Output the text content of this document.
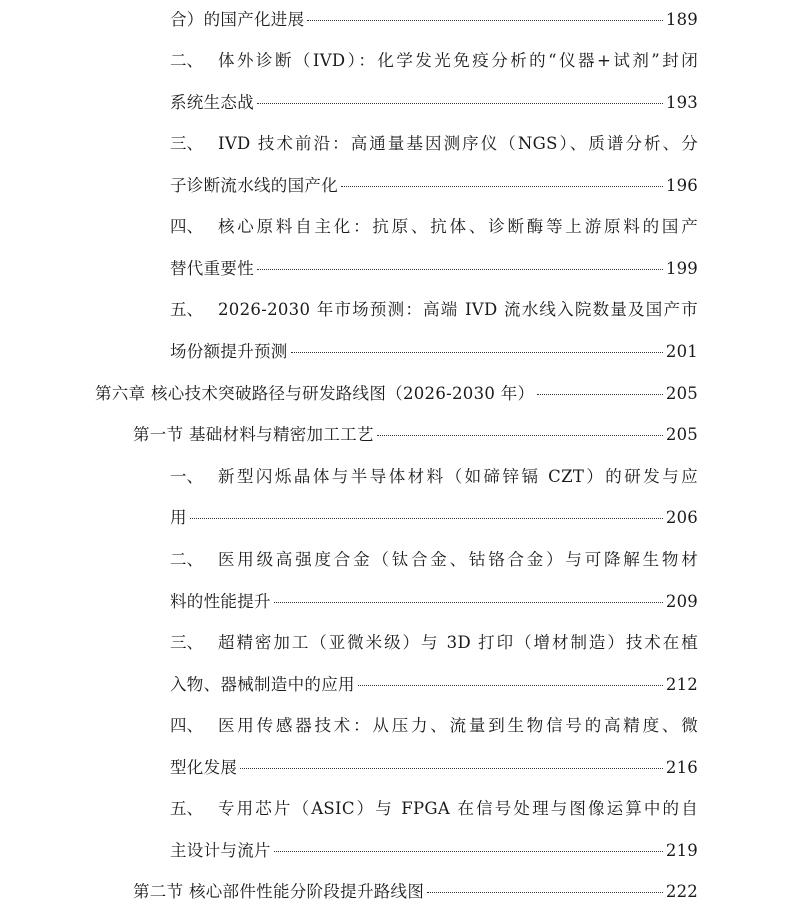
合）的国产化进展	189
二、 体外诊断（IVD）：化学发光免疫分析的“仪器+试剂”封闭
系统生态战	193
三、 IVD 技术前沿：高通量基因测序仪（NGS）、质谱分析、分
子诊断流水线的国产化	196
四、 核心原料自主化：抗原、抗体、诊断酶等上游原料的国产
替代重要性	199
五、 2026-2030 年市场预测：高端 IVD 流水线入院数量及国产市
场份额提升预测	201
第六章 核心技术突破路径与研发路线图（2026-2030 年）	205
第一节 基础材料与精密加工工艺	205
一、 新型闪烁晶体与半导体材料（如碲锌镉 CZT）的研发与应
用	206
二、 医用级高强度合金（钛合金、钴铬合金）与可降解生物材
料的性能提升	209
三、 超精密加工（亚微米级）与 3D 打印（增材制造）技术在植
入物、器械制造中的应用	212
四、 医用传感器技术：从压力、流量到生物信号的高精度、微
型化发展	216
五、 专用芯片（ASIC）与 FPGA 在信号处理与图像运算中的自
主设计与流片	219
第二节 核心部件性能分阶段提升路线图	222
